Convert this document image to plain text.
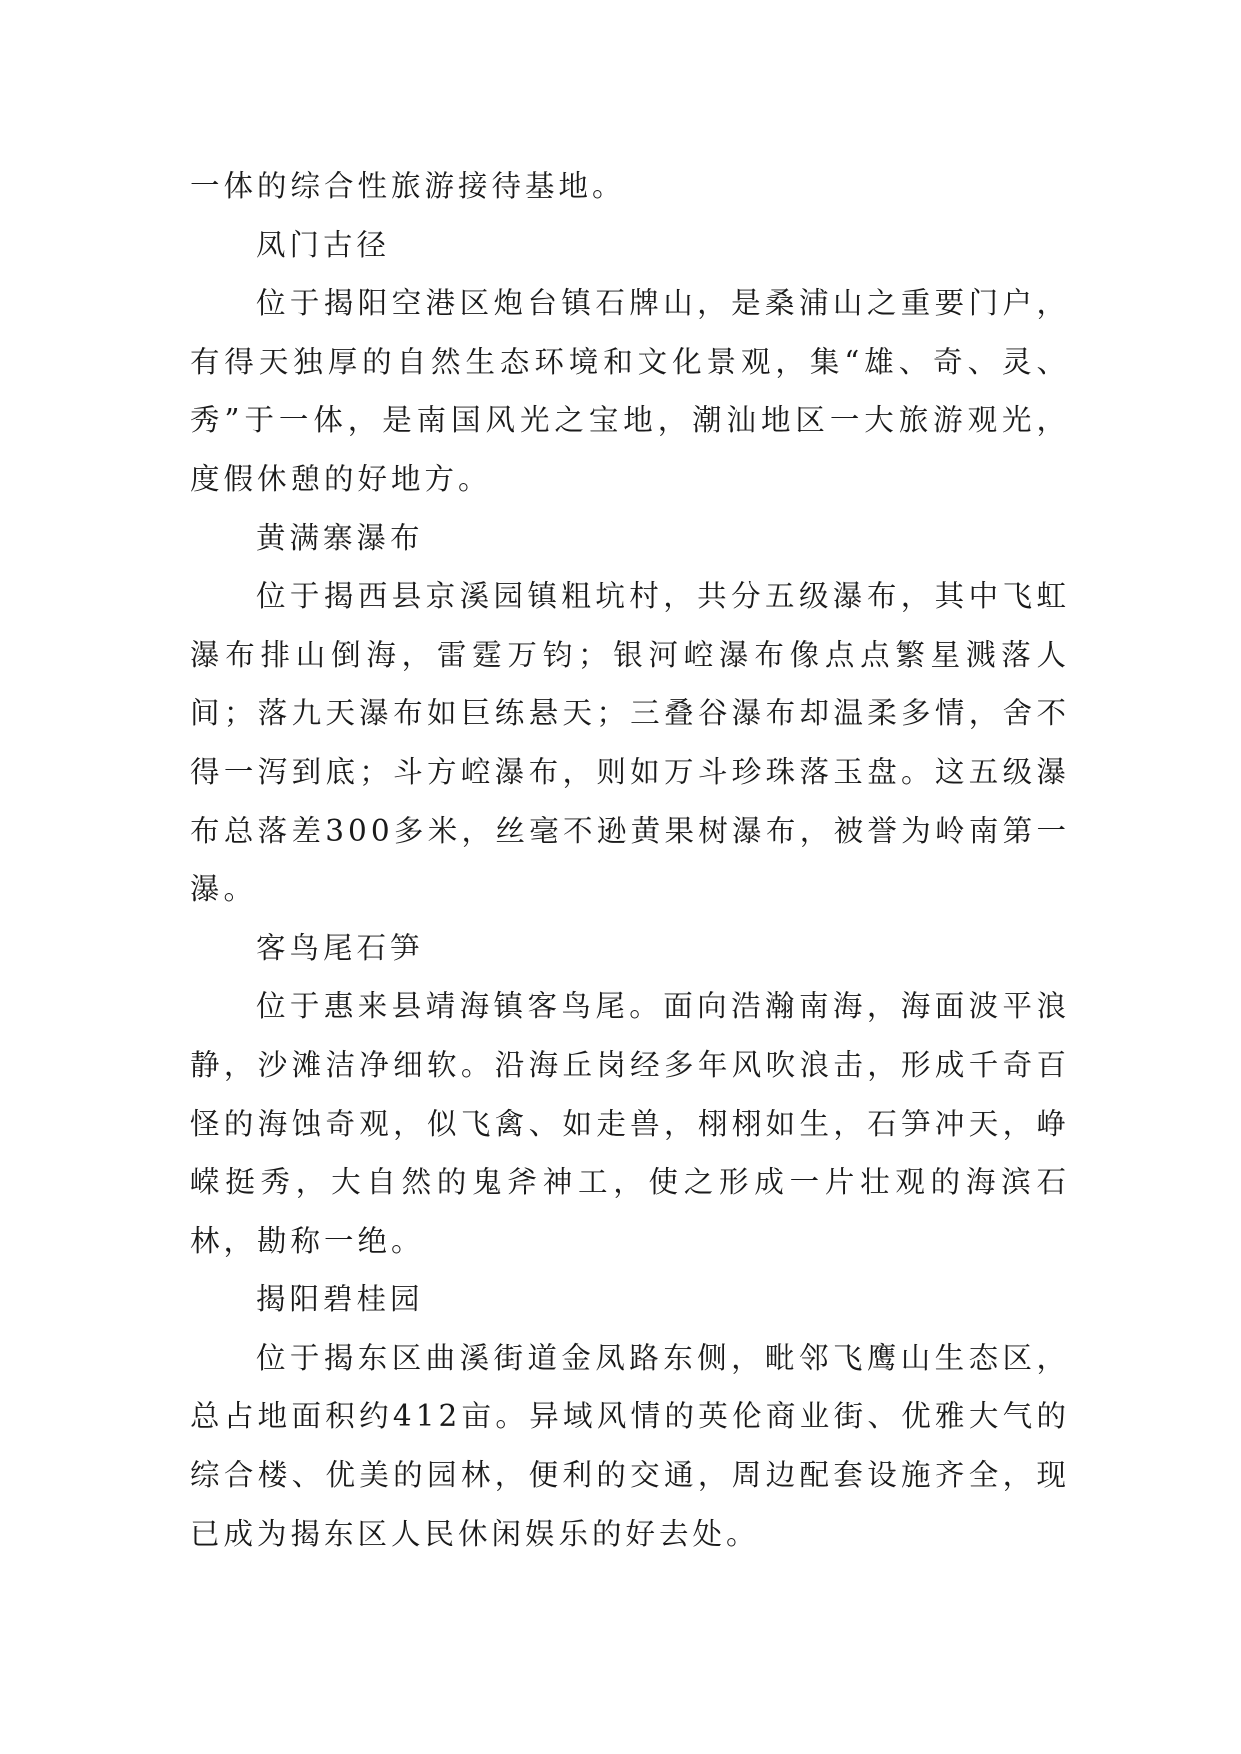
一体的综合性旅游接待基地。

凤门古径

位于揭阳空港区炮台镇石牌山，是桑浦山之重要门户，有得天独厚的自然生态环境和文化景观，集“雄、奇、灵、秀”于一体，是南国风光之宝地，潮汕地区一大旅游观光，度假休憩的好地方。

黄满寨瀑布

位于揭西县京溪园镇粗坑村，共分五级瀑布，其中飞虹瀑布排山倒海，雷霆万钧；银河崆瀑布像点点繁星溅落人间；落九天瀑布如巨练悬天；三叠谷瀑布却温柔多情，舍不得一泻到底；斗方崆瀑布，则如万斗珍珠落玉盘。这五级瀑布总落差300多米，丝毫不逊黄果树瀑布，被誉为岭南第一瀑。

客鸟尾石笋

位于惠来县靖海镇客鸟尾。面向浩瀚南海，海面波平浪静，沙滩洁净细软。沿海丘岗经多年风吹浪击，形成千奇百怪的海蚀奇观，似飞禽、如走兽，栩栩如生，石笋冲天，峥嵘挺秀，大自然的鬼斧神工，使之形成一片壮观的海滨石林，勘称一绝。

揭阳碧桂园

位于揭东区曲溪街道金凤路东侧，毗邻飞鹰山生态区，总占地面积约412亩。异域风情的英伦商业街、优雅大气的综合楼、优美的园林，便利的交通，周边配套设施齐全，现已成为揭东区人民休闲娱乐的好去处。
